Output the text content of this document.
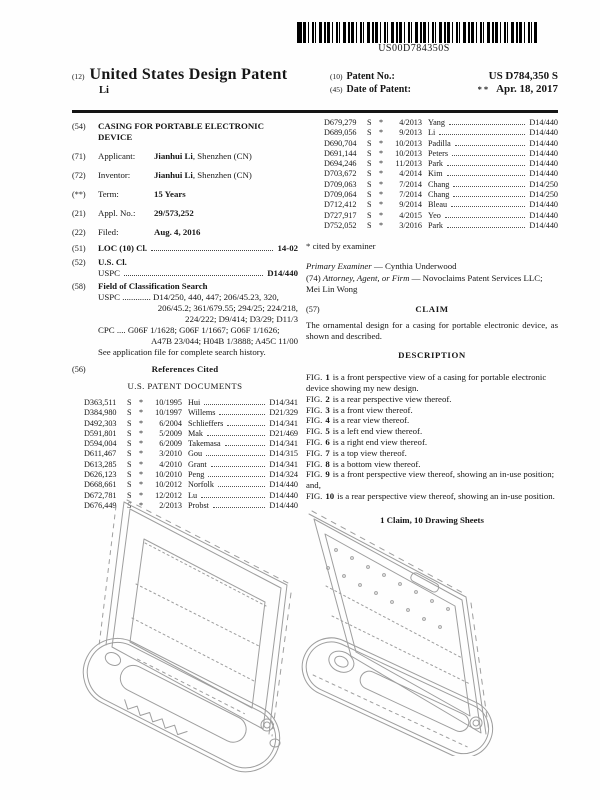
US00D784350S
(12) United States Design Patent
Li
(10) Patent No.:	US D784,350 S
(45) Date of Patent:	** Apr. 18, 2017
(54)	CASING FOR PORTABLE ELECTRONIC DEVICE
(71)	Applicant: Jianhui Li, Shenzhen (CN)
(72)	Inventor:	Jianhui Li, Shenzhen (CN)
(**)	Term:	15 Years
(21)	Appl. No.: 29/573,252
(22)	Filed:	Aug. 4, 2016
(51)	LOC (10) Cl.	14-02
(52)	U.S. Cl.
USPC	D14/440
(58)	Field of Classification Search
USPC ............. D14/250, 440, 447; 206/45.23, 320,
206/45.2; 361/679.55; 294/25; 224/218,
224/222; D9/414; D3/29; D11/3
CPC .... G06F 1/1628; G06F 1/1667; G06F 1/1626;
A47B 23/044; H04B 1/3888; A45C 11/00
See application file for complete search history.
(56)	References Cited
U.S. PATENT DOCUMENTS
D363,511	S *	10/1995 Hui	D14/341
D384,980	S *	10/1997 Willems	D21/329
D492,303	S *	6/2004 Schlieffers	D14/341
D591,801	S *	5/2009 Mak	D21/469
D594,004	S *	6/2009 Takemasa	D14/341
D611,467	S *	3/2010 Gou	D14/315
D613,285	S *	4/2010 Grant	D14/341
D626,123	S *	10/2010 Peng	D14/324
D668,661	S *	10/2012 Norfolk	D14/440
D672,781	S *	12/2012 Lu	D14/440
D676,449	S *	2/2013 Probst	D14/440
D679,279	S *	4/2013 Yang	D14/440
D689,056	S *	9/2013 Li	D14/440
D690,704	S *	10/2013 Padilla	D14/440
D691,144	S *	10/2013 Peters	D14/440
D694,246	S *	11/2013 Park	D14/440
D703,672	S *	4/2014 Kim	D14/440
D709,063	S *	7/2014 Chang	D14/250
D709,064	S *	7/2014 Chang	D14/250
D712,412	S *	9/2014 Bleau	D14/440
D727,917	S *	4/2015 Yeo	D14/440
D752,052	S *	3/2016 Park	D14/440
* cited by examiner
Primary Examiner — Cynthia Underwood
(74) Attorney, Agent, or Firm — Novoclaims Patent Services LLC; Mei Lin Wong
(57)	CLAIM
The ornamental design for a casing for portable electronic device, as shown and described.
DESCRIPTION
FIG. 1 is a front perspective view of a casing for portable electronic device showing my new design.
FIG. 2 is a rear perspective view thereof.
FIG. 3 is a front view thereof.
FIG. 4 is a rear view thereof.
FIG. 5 is a left end view thereof.
FIG. 6 is a right end view thereof.
FIG. 7 is a top view thereof.
FIG. 8 is a bottom view thereof.
FIG. 9 is a front perspective view thereof, showing an in-use position; and,
FIG. 10 is a rear perspective view thereof, showing an in-use position.
1 Claim, 10 Drawing Sheets
